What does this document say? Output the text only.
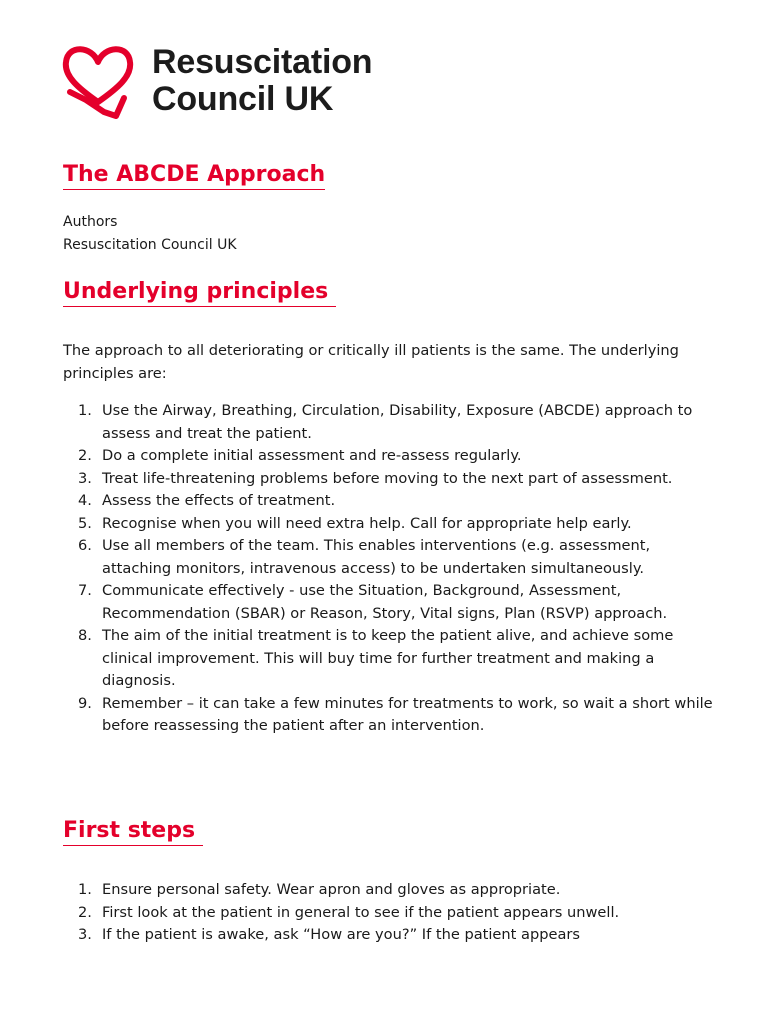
Resuscitation
Council UK
The ABCDE Approach
Authors
Resuscitation Council UK
Underlying principles
The approach to all deteriorating or critically ill patients is the same. The underlying principles are:
1. Use the Airway, Breathing, Circulation, Disability, Exposure (ABCDE) approach to assess and treat the patient.
2. Do a complete initial assessment and re-assess regularly.
3. Treat life-threatening problems before moving to the next part of assessment.
4. Assess the effects of treatment.
5. Recognise when you will need extra help. Call for appropriate help early.
6. Use all members of the team. This enables interventions (e.g. assessment, attaching monitors, intravenous access) to be undertaken simultaneously.
7. Communicate effectively - use the Situation, Background, Assessment, Recommendation (SBAR) or Reason, Story, Vital signs, Plan (RSVP) approach.
8. The aim of the initial treatment is to keep the patient alive, and achieve some clinical improvement. This will buy time for further treatment and making a diagnosis.
9. Remember – it can take a few minutes for treatments to work, so wait a short while before reassessing the patient after an intervention.
First steps
1. Ensure personal safety. Wear apron and gloves as appropriate.
2. First look at the patient in general to see if the patient appears unwell.
3. If the patient is awake, ask “How are you?” If the patient appears
